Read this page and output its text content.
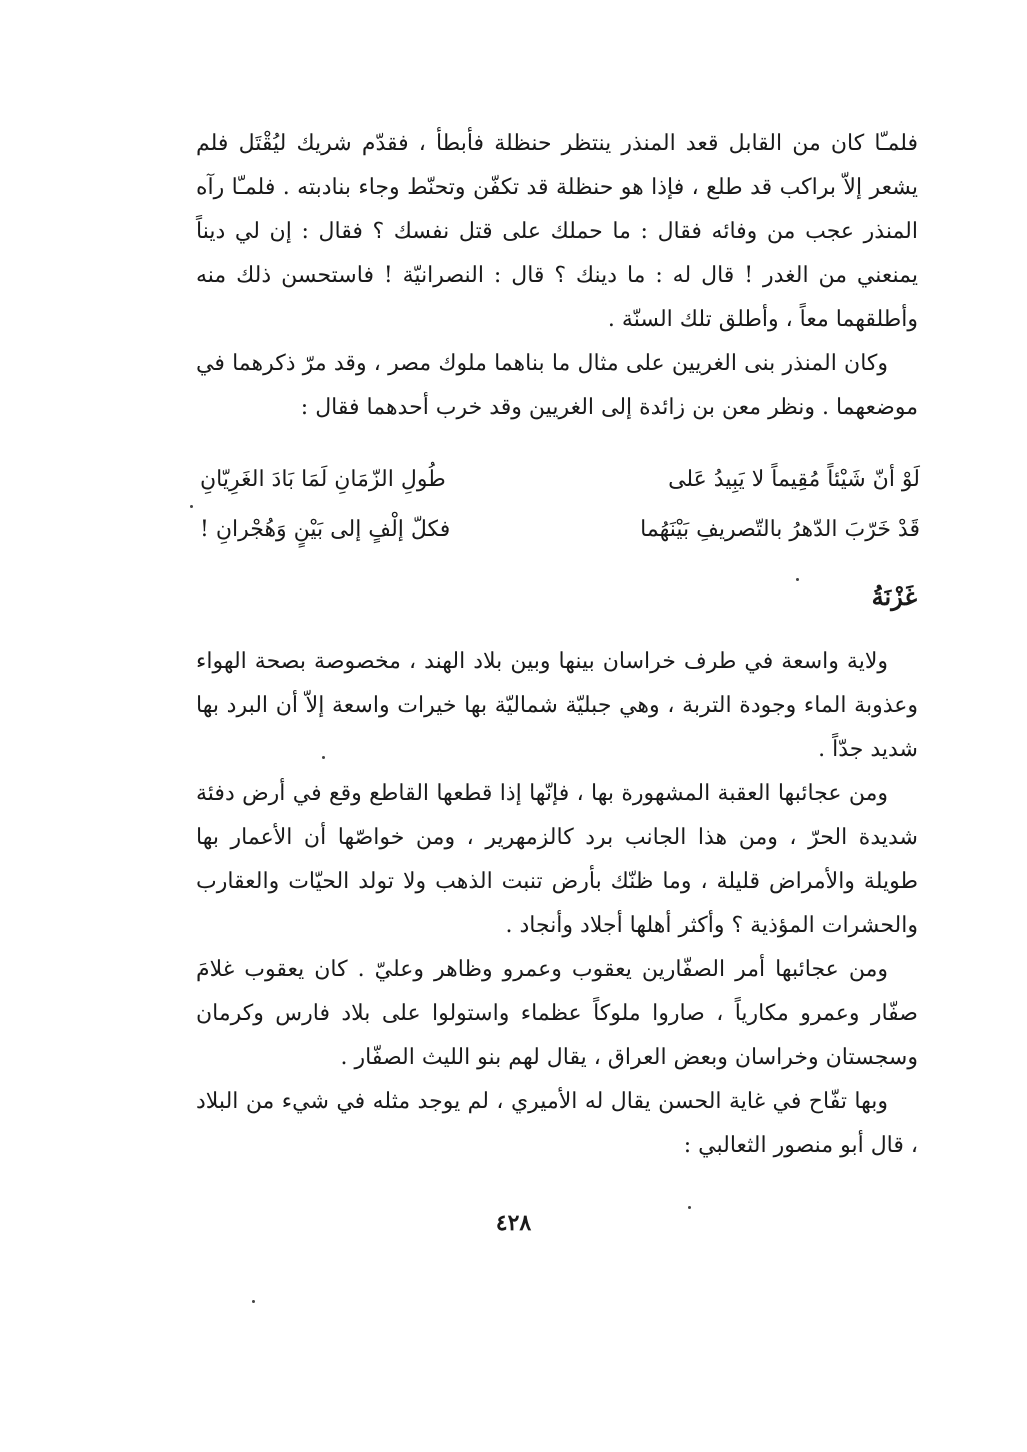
فلمـّا كان من القابل قعد المنذر ينتظر حنظلة فأبطأ ، فقدّم شريك ليُقْتَل فلم يشعر إلاّ براكب قد طلع ، فإذا هو حنظلة قد تكفّن وتحنّط وجاء بنادبته . فلمـّا رآه المنذر عجب من وفائه فقال : ما حملك على قتل نفسك ؟ فقال : إن لي ديناً يمنعني من الغدر ! قال له : ما دينك ؟ قال : النصرانيّة ! فاستحسن ذلك منه وأطلقهما معاً ، وأطلق تلك السنّة .

وكان المنذر بنى الغريين على مثال ما بناهما ملوك مصر ، وقد مرّ ذكرهما في موضعهما . ونظر معن بن زائدة إلى الغريين وقد خرب أحدهما فقال :

لَوْ أنّ شَيْئاً مُقِيماً لا يَبِيدُ عَلى
طُولِ الزّمَانِ لَمَا بَادَ الغَرِيّانِ
قَدْ خَرّبَ الدّهرُ بالتّصريفِ بَيْنَهُما
فكلّ إلْفٍ إلى بَيْنٍ وَهُجْرانِ !
غَزْنَةُ

ولاية واسعة في طرف خراسان بينها وبين بلاد الهند ، مخصوصة بصحة الهواء وعذوبة الماء وجودة التربة ، وهي جبليّة شماليّة بها خيرات واسعة إلاّ أن البرد بها شديد جدّاً .

ومن عجائبها العقبة المشهورة بها ، فإنّها إذا قطعها القاطع وقع في أرض دفئة شديدة الحرّ ، ومن هذا الجانب برد كالزمهرير ، ومن خواصّها أن الأعمار بها طويلة والأمراض قليلة ، وما ظنّك بأرض تنبت الذهب ولا تولد الحيّات والعقارب والحشرات المؤذية ؟ وأكثر أهلها أجلاد وأنجاد .

ومن عجائبها أمر الصفّارين يعقوب وعمرو وظاهر وعليّ . كان يعقوب غلامَ صفّار وعمرو مكارياً ، صاروا ملوكاً عظماء واستولوا على بلاد فارس وكرمان وسجستان وخراسان وبعض العراق ، يقال لهم بنو الليث الصفّار .

وبها تفّاح في غاية الحسن يقال له الأميري ، لم يوجد مثله في شيء من البلاد ، قال أبو منصور الثعالبي :

٤٢٨
